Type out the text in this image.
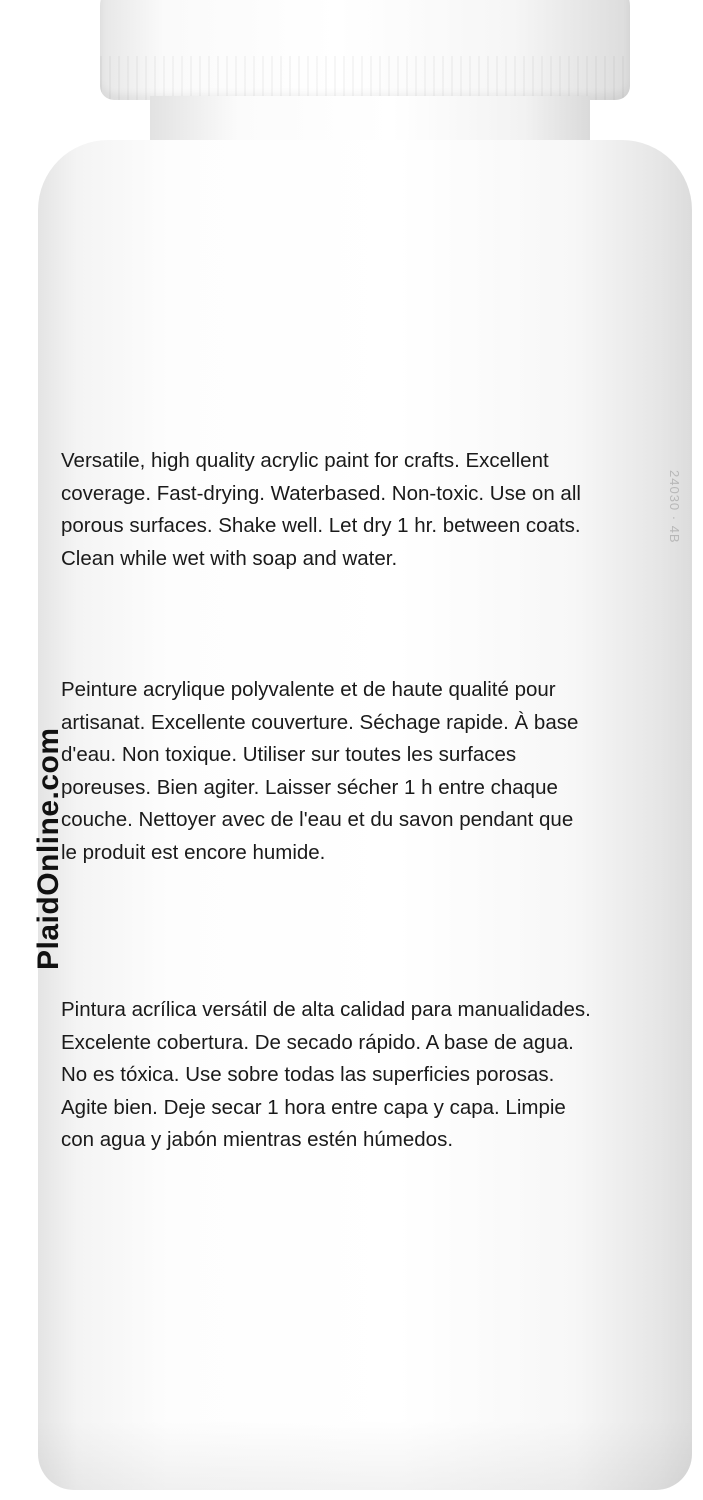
PlaidOnline.com
24030 · 4B

Versatile, high quality acrylic paint for crafts. Excellent
coverage. Fast-drying. Waterbased. Non-toxic. Use on all
porous surfaces. Shake well. Let dry 1 hr. between coats.
Clean while wet with soap and water.

Peinture acrylique polyvalente et de haute qualité pour
artisanat. Excellente couverture. Séchage rapide. À base
d'eau. Non toxique. Utiliser sur toutes les surfaces
poreuses. Bien agiter. Laisser sécher 1 h entre chaque
couche. Nettoyer avec de l'eau et du savon pendant que
le produit est encore humide.

Pintura acrílica versátil de alta calidad para manualidades.
Excelente cobertura. De secado rápido. A base de agua.
No es tóxica. Use sobre todas las superficies porosas.
Agite bien. Deje secar 1 hora entre capa y capa. Limpie
con agua y jabón mientras estén húmedos.
